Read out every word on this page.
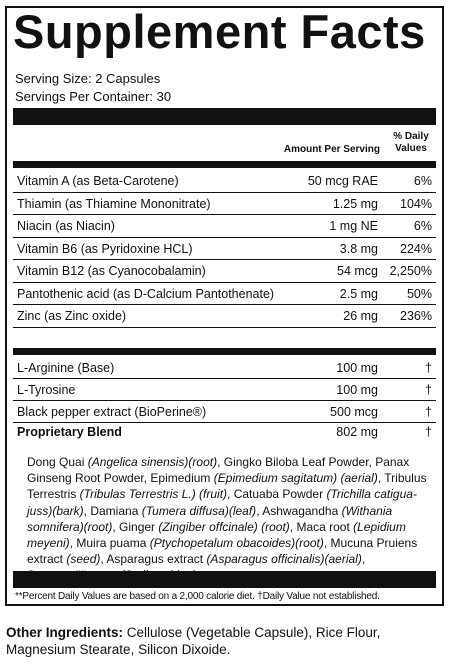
Supplement Facts
Serving Size: 2 Capsules
Servings Per Container: 30
Amount Per Serving
% Daily
Values
Vitamin A (as Beta-Carotene)	50 mcg RAE	6%
Thiamin (as Thiamine Mononitrate)	1.25 mg 104%
Niacin (as Niacin)	1 mg NE	6%
Vitamin B6 (as Pyridoxine HCL)	3.8 mg 224%
Vitamin B12 (as Cyanocobalamin)	54 mcg 2,250%
Pantothenic acid (as D-Calcium Pantothenate)	2.5 mg 50%
Zinc (as Zinc oxide)	26 mg 236%
L-Arginine (Base)	100 mg	†
L-Tyrosine	100 mg	†
Black pepper extract (BioPerine®)	500 mcg	†
Proprietary Blend	802 mg	†
Dong Quai (Angelica sinensis)(root), Gingko Biloba Leaf Powder, Panax Ginseng Root Powder, Epimedium (Epimedium sagitatum) (aerial), Tribulus Terrestris (Tribulas Terrestris L.) (fruit), Catuaba Powder (Trichilla catigua-juss)(bark), Damiana (Tumera diffusa)(leaf), Ashwagandha (Withania somnifera)(root), Ginger (Zingiber offcinale) (root), Maca root (Lepidium meyeni), Muira puama (Ptychopetalum obacoides)(root), Mucuna Pruiens extract (seed), Asparagus extract (Asparagus officinalis)(aerial),
**Percent Daily Values are based on a 2,000 calorie diet. †Daily Value not established.
Other Ingredients: Cellulose (Vegetable Capsule), Rice Flour, Magnesium Stearate, Silicon Dixoide.
